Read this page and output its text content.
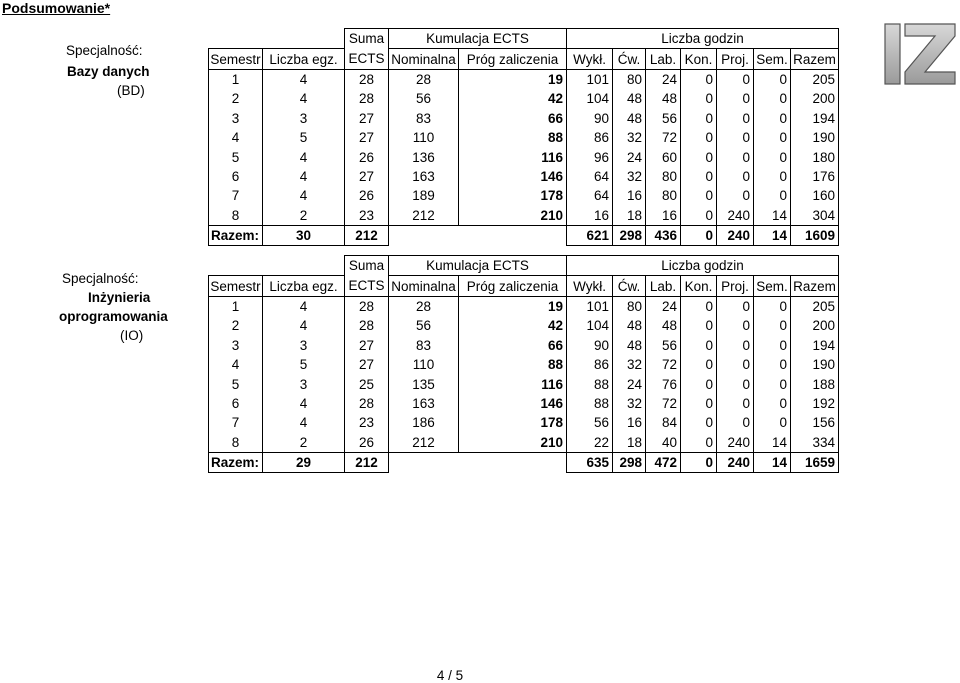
Podsumowanie*
Specjalność:
Bazy danych
(BD)
Specjalność:
Inżynieria
oprogramowania
(IO)
		Suma	Kumulacja ECTS		Liczba godzin						
Semestr	Liczba egz.	ECTS	Nominalna	Próg zaliczenia	Wykł.	Ćw.	Lab.	Kon.	Proj.	Sem.	Razem
1	4	28	28	19	101	80	24	0	0	0	205
2	4	28	56	42	104	48	48	0	0	0	200
3	3	27	83	66	90	48	56	0	0	0	194
4	5	27	110	88	86	32	72	0	0	0	190
5	4	26	136	116	96	24	60	0	0	0	180
6	4	27	163	146	64	32	80	0	0	0	176
7	4	26	189	178	64	16	80	0	0	0	160
8	2	23	212	210	16	18	16	0	240	14	304
Razem:	30	212			621	298	436	0	240	14	1609
		Suma	Kumulacja ECTS		Liczba godzin						
Semestr	Liczba egz.	ECTS	Nominalna	Próg zaliczenia	Wykł.	Ćw.	Lab.	Kon.	Proj.	Sem.	Razem
1	4	28	28	19	101	80	24	0	0	0	205
2	4	28	56	42	104	48	48	0	0	0	200
3	3	27	83	66	90	48	56	0	0	0	194
4	5	27	110	88	86	32	72	0	0	0	190
5	3	25	135	116	88	24	76	0	0	0	188
6	4	28	163	146	88	32	72	0	0	0	192
7	4	23	186	178	56	16	84	0	0	0	156
8	2	26	212	210	22	18	40	0	240	14	334
Razem:	29	212			635	298	472	0	240	14	1659
4 / 5
